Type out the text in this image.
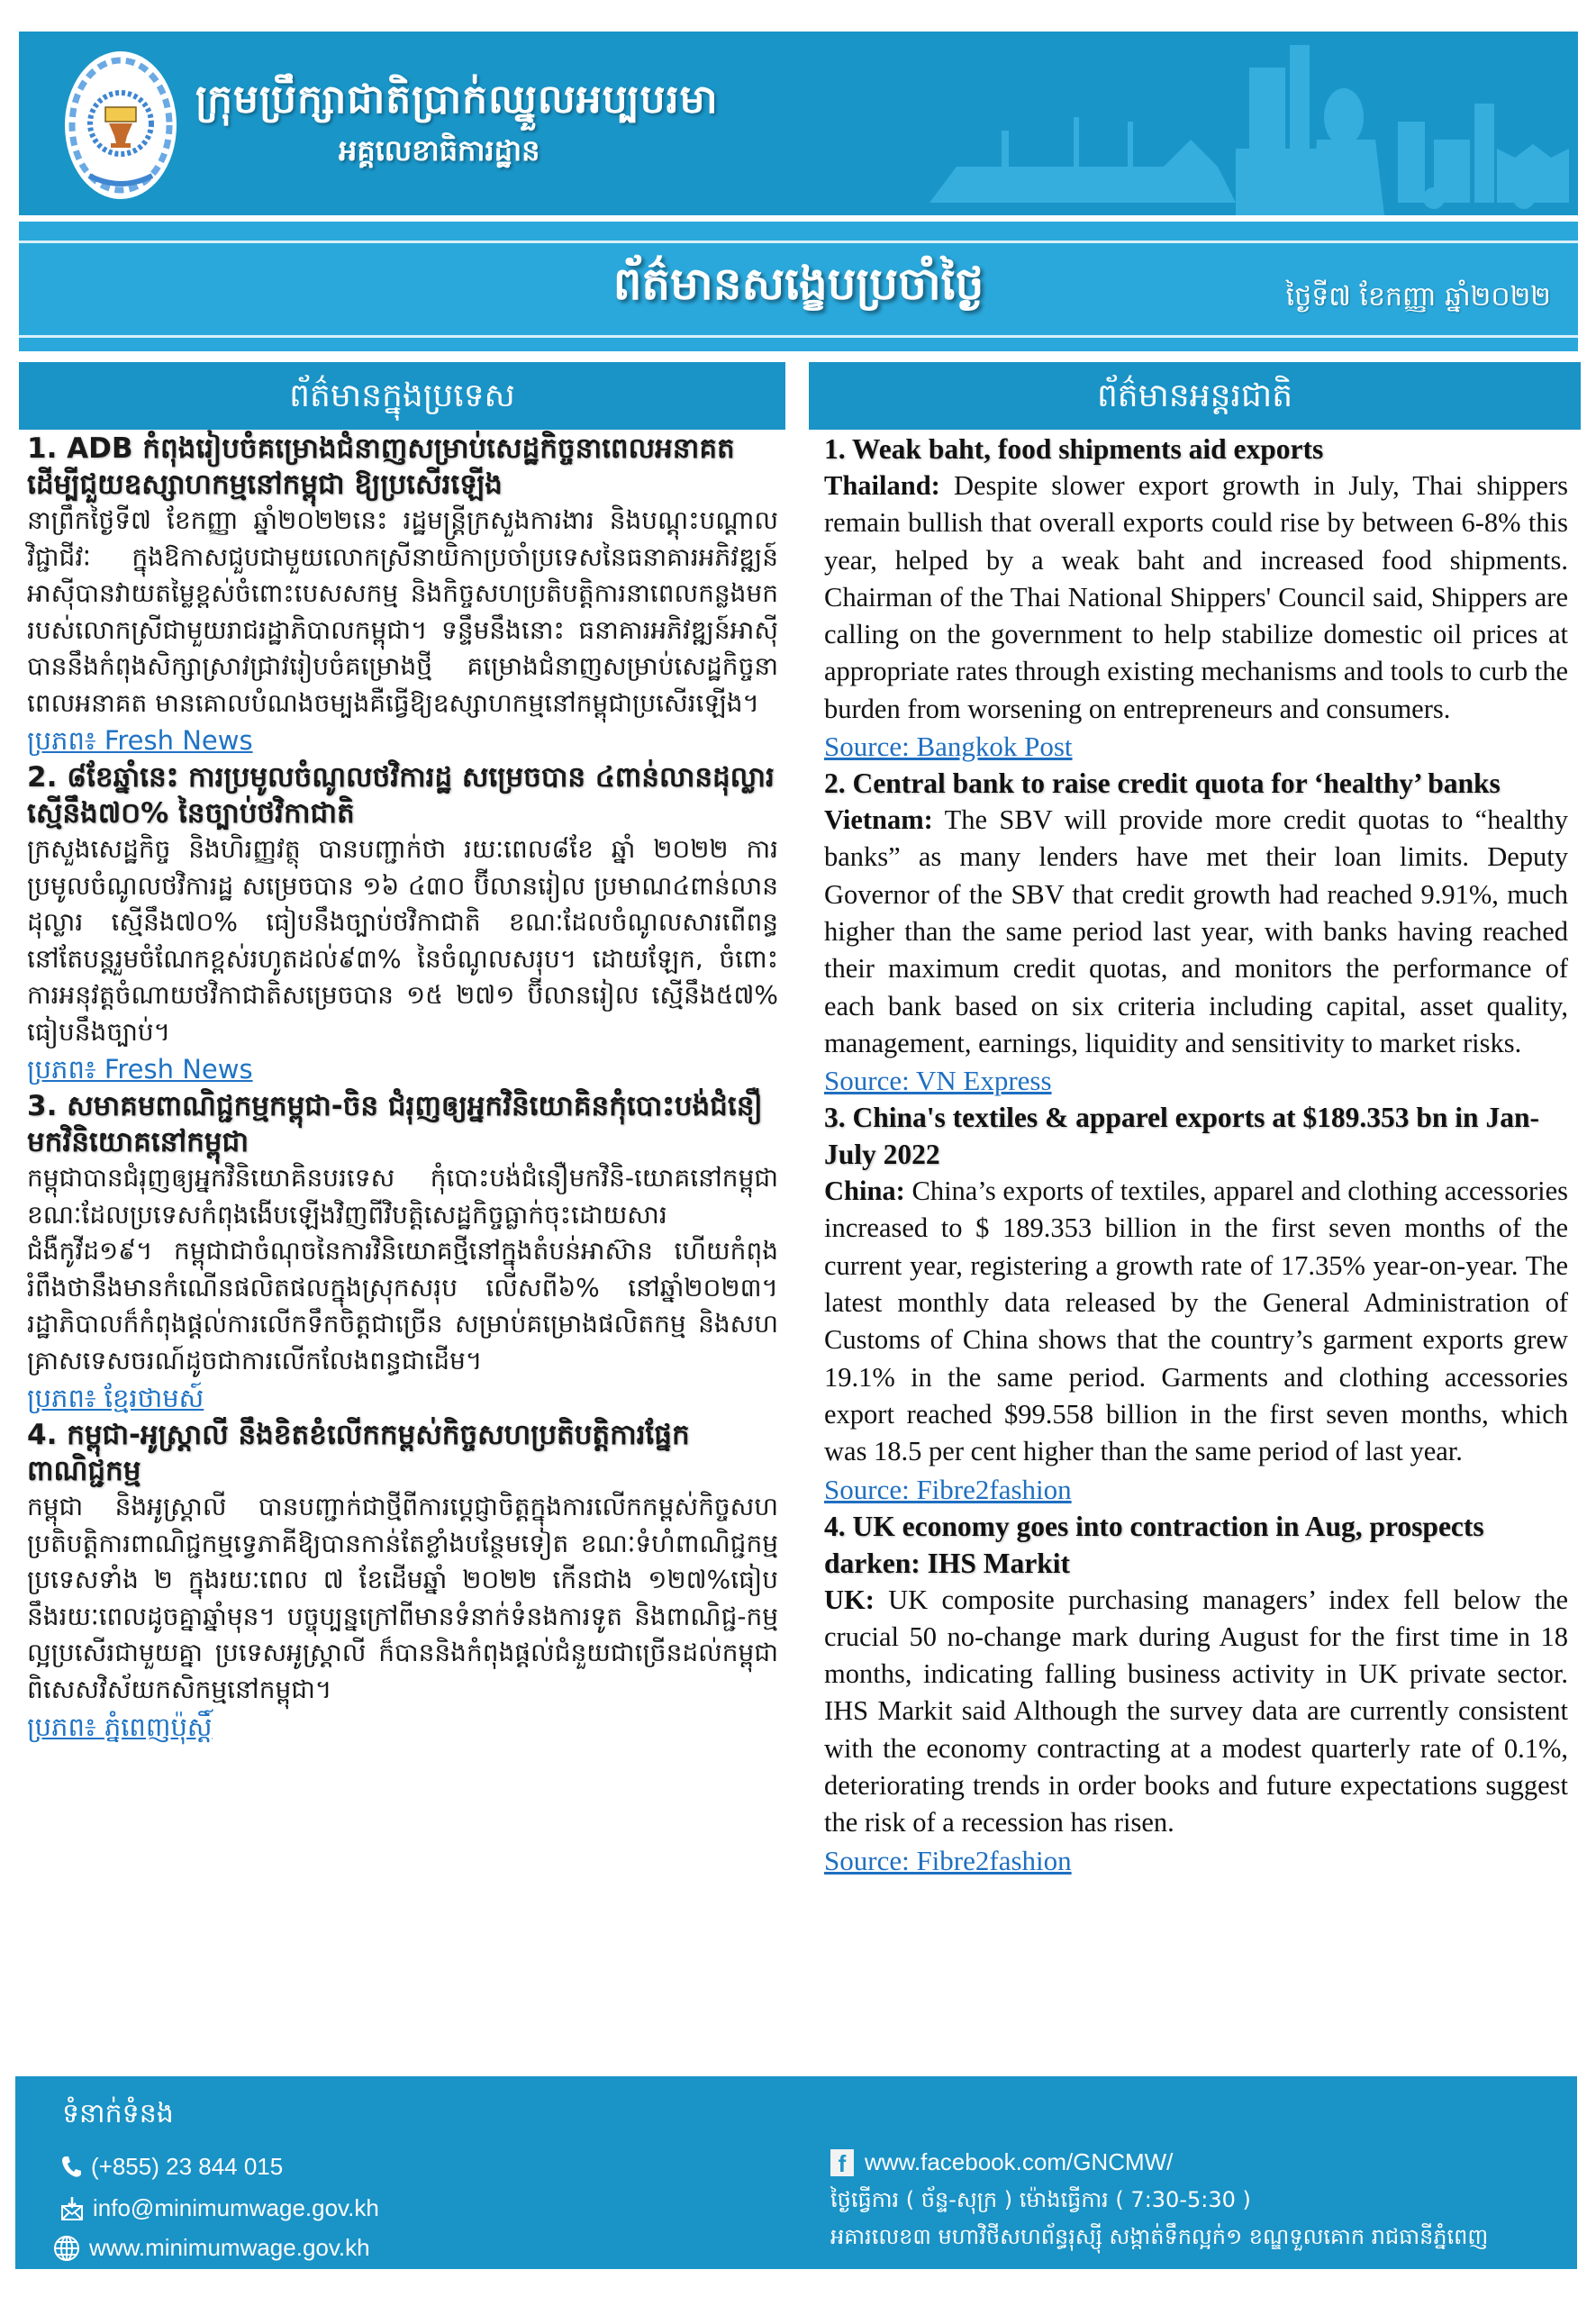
ក្រុមប្រឹក្សាជាតិប្រាក់ឈ្នួលអប្បបរមា
អគ្គលេខាធិការដ្ឋាន
ព័ត៌មានសង្ខេបប្រចាំថ្ងៃ	ថ្ងៃទី៧ ខែកញ្ញា ឆ្នាំ២០២២
ព័ត៌មានក្នុងប្រទេស	ព័ត៌មានអន្តរជាតិ

1. ADB កំពុងរៀបចំគម្រោងជំនាញសម្រាប់សេដ្ឋកិច្ចនាពេលអនាគត ដើម្បីជួយឧស្សាហកម្មនៅកម្ពុជា ឱ្យប្រសើរឡើង

នាព្រឹកថ្ងៃទី៧ ខែកញ្ញា ឆ្នាំ២០២២នេះ រដ្ឋមន្ត្រីក្រសួងការងារ និងបណ្តុះបណ្តាលវិជ្ជាជីវៈ ក្នុងឱកាសជួបជាមួយលោកស្រីនាយិកាប្រចាំប្រទេសនៃធនាគារអភិវឌ្ឍន៍អាស៊ីបានវាយតម្លៃខ្ពស់ចំពោះបេសសកម្ម និងកិច្ចសហប្រតិបត្តិការនាពេលកន្លងមករបស់លោកស្រីជាមួយរាជរដ្ឋាភិបាលកម្ពុជា។ ទន្ទឹមនឹងនោះ ធនាគារអភិវឌ្ឍន៍អាស៊ីបាននឹងកំពុងសិក្សាស្រាវជ្រាវរៀបចំគម្រោងថ្មី គម្រោងជំនាញសម្រាប់សេដ្ឋកិច្ចនាពេលអនាគត មានគោលបំណងចម្បងគឺធ្វើឱ្យឧស្សាហកម្មនៅកម្ពុជាប្រសើរឡើង។

ប្រភព៖ Fresh News

2. ៨ខែឆ្នាំនេះ ការប្រមូលចំណូលថវិការដ្ឋ សម្រេចបាន ៤ពាន់លានដុល្លារ ស្មើនឹង៧០% នៃច្បាប់ថវិកាជាតិ

ក្រសួងសេដ្ឋកិច្ច និងហិរញ្ញវត្ថុ បានបញ្ជាក់ថា រយៈពេល៨ខែ ឆ្នាំ ២០២២ ការប្រមូលចំណូលថវិការដ្ឋ សម្រេចបាន ១៦ ៤៣០ ប៊ីលានរៀល ប្រមាណ៤ពាន់លានដុល្លារ ស្មើនឹង៧០% ធៀបនឹងច្បាប់ថវិកាជាតិ ខណៈដែលចំណូលសារពើពន្ធ នៅតែបន្តរួមចំណែកខ្ពស់រហូតដល់៩៣% នៃចំណូលសរុប។ ដោយឡែក, ចំពោះការអនុវត្តចំណាយថវិកាជាតិសម្រេចបាន ១៥ ២៧១ ប៊ីលានរៀល ស្មើនឹង៥៧% ធៀបនឹងច្បាប់។

ប្រភព៖ Fresh News

3. សមាគមពាណិជ្ជកម្មកម្ពុជា-ចិន ជំរុញឲ្យអ្នកវិនិយោគិនកុំបោះបង់ជំនឿមកវិនិយោគនៅកម្ពុជា

កម្ពុជាបានជំរុញឲ្យអ្នកវិនិយោគិនបរទេស កុំបោះបង់ជំនឿមកវិនិ-យោគនៅកម្ពុជា ខណៈដែលប្រទេសកំពុងងើបឡើងវិញពីវិបត្តិសេដ្ឋកិច្ចធ្លាក់ចុះដោយសារជំងឺកូវីដ១៩។ កម្ពុជាជាចំណុចនៃការវិនិយោគថ្មីនៅក្នុងតំបន់អាស៊ាន ហើយកំពុងរំពឹងថានឹងមានកំណើនផលិតផលក្នុងស្រុកសរុប លើសពី៦% នៅឆ្នាំ២០២៣។ រដ្ឋាភិបាលក៏កំពុងផ្តល់ការលើកទឹកចិត្តជាច្រើន សម្រាប់គម្រោងផលិតកម្ម និងសហគ្រាសទេសចរណ៍ដូចជាការលើកលែងពន្ធជាដើម។

ប្រភព៖ ខ្មែរថាមស៍

4. កម្ពុជា-អូស្ត្រាលី នឹងខិតខំលើកកម្ពស់កិច្ចសហប្រតិបត្តិការផ្នែកពាណិជ្ជកម្ម

កម្ពុជា និងអូស្ត្រាលី បានបញ្ជាក់ជាថ្មីពីការប្តេជ្ញាចិត្តក្នុងការលើកកម្ពស់កិច្ចសហប្រតិបត្តិការពាណិជ្ជកម្មទ្វេភាគីឱ្យបានកាន់តែខ្លាំងបន្ថែមទៀត ខណៈទំហំពាណិជ្ជកម្មប្រទេសទាំង ២ ក្នុងរយៈពេល ៧ ខែដើមឆ្នាំ ២០២២ កើនជាង ១២៧%ធៀបនឹងរយៈពេលដូចគ្នាឆ្នាំមុន។ បច្ចុប្បន្នក្រៅពីមានទំនាក់ទំនងការទូត និងពាណិជ្ជ-កម្មល្អប្រសើរជាមួយគ្នា ប្រទេសអូស្ត្រាលី ក៏បាននិងកំពុងផ្តល់ជំនួយជាច្រើនដល់កម្ពុជាពិសេសវិស័យកសិកម្មនៅកម្ពុជា។

ប្រភព៖ ភ្នំពេញប៉ុស្ដិ៍

1. Weak baht, food shipments aid exports

Thailand: Despite slower export growth in July, Thai shippers remain bullish that overall exports could rise by between 6-8% this year, helped by a weak baht and increased food shipments. Chairman of the Thai National Shippers' Council said, Shippers are calling on the government to help stabilize domestic oil prices at appropriate rates through existing mechanisms and tools to curb the burden from worsening on entrepreneurs and consumers.

Source: Bangkok Post

2. Central bank to raise credit quota for ‘healthy’ banks

Vietnam: The SBV will provide more credit quotas to “healthy banks” as many lenders have met their loan limits. Deputy Governor of the SBV that credit growth had reached 9.91%, much higher than the same period last year, with banks having reached their maximum credit quotas, and monitors the performance of each bank based on six criteria including capital, asset quality, management, earnings, liquidity and sensitivity to market risks.

Source: VN Express

3. China's textiles & apparel exports at $189.353 bn in Jan-July 2022

China: China’s exports of textiles, apparel and clothing accessories increased to $ 189.353 billion in the first seven months of the current year, registering a growth rate of 17.35% year-on-year. The latest monthly data released by the General Administration of Customs of China shows that the country’s garment exports grew 19.1% in the same period. Garments and clothing accessories export reached $99.558 billion in the first seven months, which was 18.5 per cent higher than the same period of last year.

Source: Fibre2fashion

4. UK economy goes into contraction in Aug, prospects darken: IHS Markit

UK: UK composite purchasing managers’ index fell below the crucial 50 no-change mark during August for the first time in 18 months, indicating falling business activity in UK private sector. IHS Markit said Although the survey data are currently consistent with the economy contracting at a modest quarterly rate of 0.1%, deteriorating trends in order books and future expectations suggest the risk of a recession has risen.

Source: Fibre2fashion
ទំនាក់ទំនង
(+855) 23 844 015
info@minimumwage.gov.kh
www.minimumwage.gov.kh
f www.facebook.com/GNCMW/
ថ្ងៃធ្វើការ ( ច័ន្ទ-សុក្រ ) ម៉ោងធ្វើការ ( 7:30-5:30 )
អគារលេខ៣ មហាវិថីសហព័ន្ធរុស្ស៊ី សង្កាត់ទឹកល្អក់១ ខណ្ឌទួលគោក រាជធានីភ្នំពេញ
